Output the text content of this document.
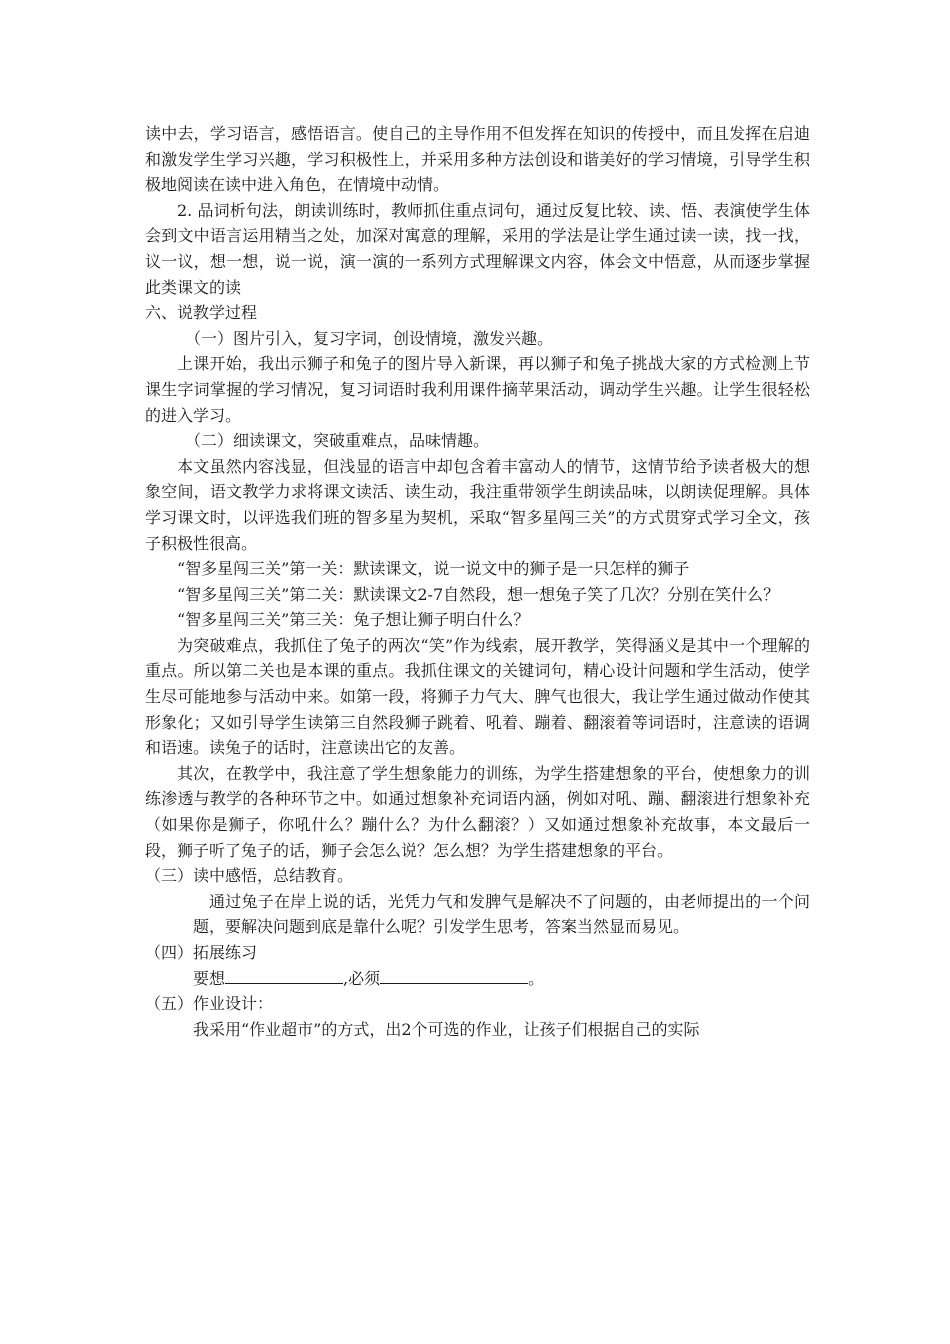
读中去，学习语言，感悟语言。使自己的主导作用不但发挥在知识的传授中，而且发挥在启迪和激发学生学习兴趣，学习积极性上，并采用多种方法创设和谐美好的学习情境，引导学生积极地阅读在读中进入角色，在情境中动情。

2. 品词析句法，朗读训练时，教师抓住重点词句，通过反复比较、读、悟、表演使学生体会到文中语言运用精当之处，加深对寓意的理解，采用的学法是让学生通过读一读，找一找，议一议，想一想，说一说，演一演的一系列方式理解课文内容，体会文中悟意，从而逐步掌握此类课文的读

六、说教学过程

（一）图片引入，复习字词，创设情境，激发兴趣。

上课开始，我出示狮子和兔子的图片导入新课，再以狮子和兔子挑战大家的方式检测上节课生字词掌握的学习情况，复习词语时我利用课件摘苹果活动，调动学生兴趣。让学生很轻松的进入学习。

（二）细读课文，突破重难点，品味情趣。

本文虽然内容浅显，但浅显的语言中却包含着丰富动人的情节，这情节给予读者极大的想象空间，语文教学力求将课文读活、读生动，我注重带领学生朗读品味，以朗读促理解。具体学习课文时，以评选我们班的智多星为契机，采取“智多星闯三关”的方式贯穿式学习全文，孩子积极性很高。

“智多星闯三关”第一关：默读课文，说一说文中的狮子是一只怎样的狮子

“智多星闯三关”第二关：默读课文2-7自然段，想一想兔子笑了几次？分别在笑什么？

“智多星闯三关”第三关：兔子想让狮子明白什么？

为突破难点，我抓住了兔子的两次“笑”作为线索，展开教学，笑得涵义是其中一个理解的重点。所以第二关也是本课的重点。我抓住课文的关键词句，精心设计问题和学生活动，使学生尽可能地参与活动中来。如第一段，将狮子力气大、脾气也很大，我让学生通过做动作使其形象化；又如引导学生读第三自然段狮子跳着、吼着、蹦着、翻滚着等词语时，注意读的语调和语速。读兔子的话时，注意读出它的友善。

其次，在教学中，我注意了学生想象能力的训练，为学生搭建想象的平台，使想象力的训练渗透与教学的各种环节之中。如通过想象补充词语内涵，例如对吼、蹦、翻滚进行想象补充（如果你是狮子，你吼什么？蹦什么？为什么翻滚？）又如通过想象补充故事，本文最后一段，狮子听了兔子的话，狮子会怎么说？怎么想？为学生搭建想象的平台。

（三）读中感悟，总结教育。

通过兔子在岸上说的话，光凭力气和发脾气是解决不了问题的，由老师提出的一个问题，要解决问题到底是靠什么呢？引发学生思考，答案当然显而易见。

（四）拓展练习

要想	,必须	。

（五）作业设计：

我采用“作业超市”的方式，出2个可选的作业，让孩子们根据自己的实际
